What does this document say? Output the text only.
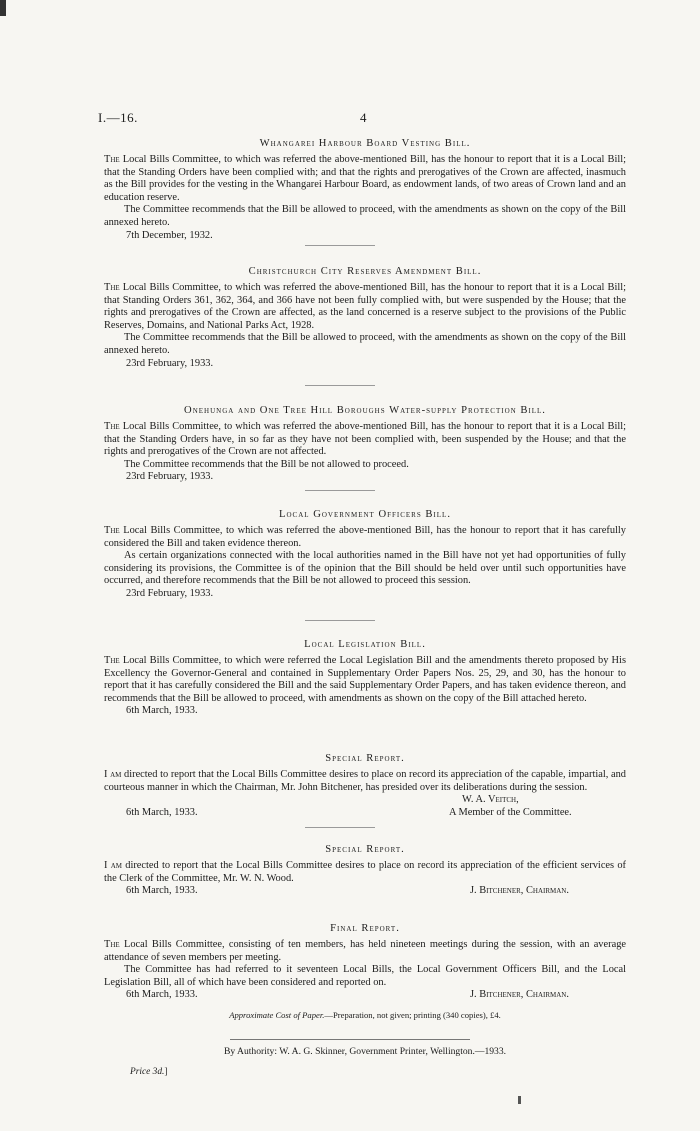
I.—16.	4

Whangarei Harbour Board Vesting Bill.

The Local Bills Committee, to which was referred the above-mentioned Bill, has the honour to report that it is a Local Bill; that the Standing Orders have been complied with; and that the rights and prerogatives of the Crown are affected, inasmuch as the Bill provides for the vesting in the Whangarei Harbour Board, as endowment lands, of two areas of Crown land and an education reserve.

The Committee recommends that the Bill be allowed to proceed, with the amendments as shown on the copy of the Bill annexed hereto.

7th December, 1932.

Christchurch City Reserves Amendment Bill.

The Local Bills Committee, to which was referred the above-mentioned Bill, has the honour to report that it is a Local Bill; that Standing Orders 361, 362, 364, and 366 have not been fully complied with, but were suspended by the House; that the rights and prerogatives of the Crown are affected, as the land concerned is a reserve subject to the provisions of the Public Reserves, Domains, and National Parks Act, 1928.

The Committee recommends that the Bill be allowed to proceed, with the amendments as shown on the copy of the Bill annexed hereto.

23rd February, 1933.

Onehunga and One Tree Hill Boroughs Water-supply Protection Bill.

The Local Bills Committee, to which was referred the above-mentioned Bill, has the honour to report that it is a Local Bill; that the Standing Orders have, in so far as they have not been complied with, been suspended by the House; and that the rights and prerogatives of the Crown are not affected.

The Committee recommends that the Bill be not allowed to proceed.

23rd February, 1933.

Local Government Officers Bill.

The Local Bills Committee, to which was referred the above-mentioned Bill, has the honour to report that it has carefully considered the Bill and taken evidence thereon.

As certain organizations connected with the local authorities named in the Bill have not yet had opportunities of fully considering its provisions, the Committee is of the opinion that the Bill should be held over until such opportunities have occurred, and therefore recommends that the Bill be not allowed to proceed this session.

23rd February, 1933.

Local Legislation Bill.

The Local Bills Committee, to which were referred the Local Legislation Bill and the amendments thereto proposed by His Excellency the Governor-General and contained in Supplementary Order Papers Nos. 25, 29, and 30, has the honour to report that it has carefully considered the Bill and the said Supplementary Order Papers, and has taken evidence thereon, and recommends that the Bill be allowed to proceed, with amendments as shown on the copy of the Bill attached hereto.

6th March, 1933.

Special Report.

I am directed to report that the Local Bills Committee desires to place on record its appreciation of the capable, impartial, and courteous manner in which the Chairman, Mr. John Bitchener, has presided over its deliberations during the session.

W. A. Veitch,
6th March, 1933.	A Member of the Committee.

Special Report.

I am directed to report that the Local Bills Committee desires to place on record its appreciation of the efficient services of the Clerk of the Committee, Mr. W. N. Wood.

6th March, 1933.	J. Bitchener, Chairman.

Final Report.

The Local Bills Committee, consisting of ten members, has held nineteen meetings during the session, with an average attendance of seven members per meeting.

The Committee has had referred to it seventeen Local Bills, the Local Government Officers Bill, and the Local Legislation Bill, all of which have been considered and reported on.

6th March, 1933.	J. Bitchener, Chairman.
Approximate Cost of Paper.—Preparation, not given; printing (340 copies), £4.
By Authority: W. A. G. Skinner, Government Printer, Wellington.—1933.
Price 3d.]
